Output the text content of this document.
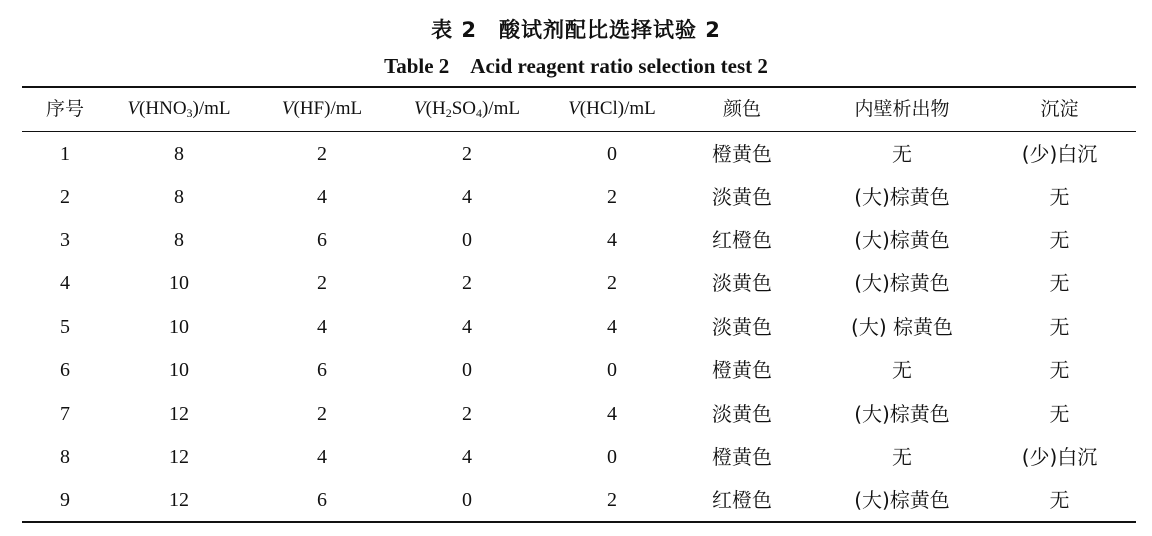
表 2　酸试剂配比选择试验 2
Table 2　Acid reagent ratio selection test 2
序号	$V(HNO_3)/mL$	V(HF)/mL	$V(H_2SO_4)/mL$	V(HCl)/mL	颜色	内壁析出物	沉淀
1	8	2	2	0	橙黄色	无	(少)白沉
2	8	4	4	2	淡黄色	(大)棕黄色	无
3	8	6	0	4	红橙色	(大)棕黄色	无
4	10	2	2	2	淡黄色	(大)棕黄色	无
5	10	4	4	4	淡黄色	(大) 棕黄色	无
6	10	6	0	0	橙黄色	无	无
7	12	2	2	4	淡黄色	(大)棕黄色	无
8	12	4	4	0	橙黄色	无	(少)白沉
9	12	6	0	2	红橙色	(大)棕黄色	无
